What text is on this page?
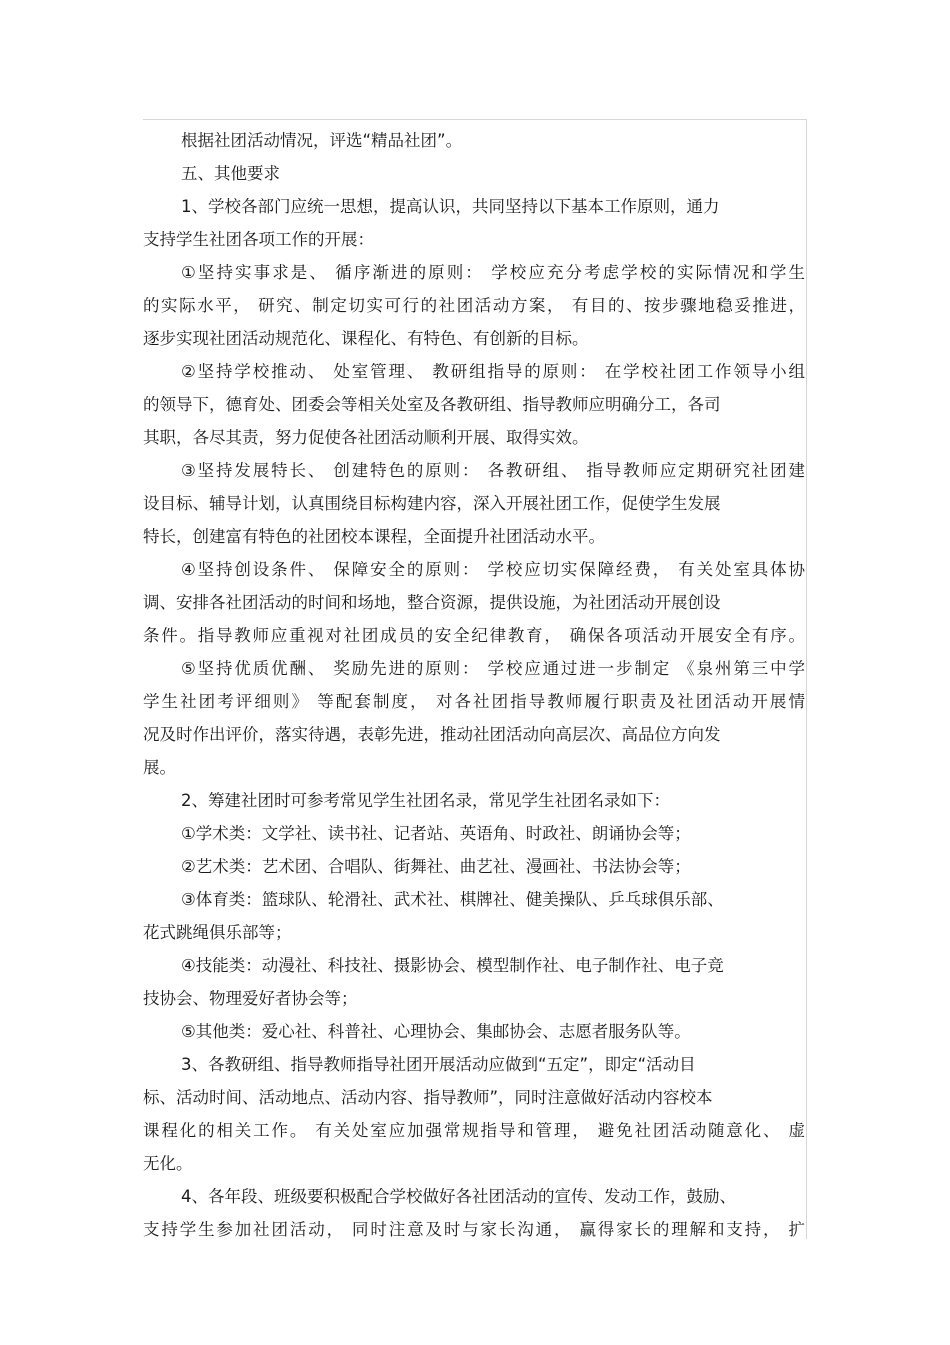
根据社团活动情况，评选“精品社团”。
五、其他要求
1、学校各部门应统一思想，提高认识，共同坚持以下基本工作原则，通力
支持学生社团各项工作的开展：
①坚持实事求是、 循序渐进的原则： 学校应充分考虑学校的实际情况和学生
的实际水平， 研究、制定切实可行的社团活动方案， 有目的、按步骤地稳妥推进，
逐步实现社团活动规范化、课程化、有特色、有创新的目标。
②坚持学校推动、 处室管理、 教研组指导的原则： 在学校社团工作领导小组
的领导下，德育处、团委会等相关处室及各教研组、指导教师应明确分工，各司
其职，各尽其责，努力促使各社团活动顺利开展、取得实效。
③坚持发展特长、 创建特色的原则： 各教研组、 指导教师应定期研究社团建
设目标、辅导计划，认真围绕目标构建内容，深入开展社团工作，促使学生发展
特长，创建富有特色的社团校本课程，全面提升社团活动水平。
④坚持创设条件、 保障安全的原则： 学校应切实保障经费， 有关处室具体协
调、安排各社团活动的时间和场地，整合资源，提供设施，为社团活动开展创设
条件。指导教师应重视对社团成员的安全纪律教育， 确保各项活动开展安全有序。
⑤坚持优质优酬、 奖励先进的原则： 学校应通过进一步制定 《泉州第三中学
学生社团考评细则》 等配套制度， 对各社团指导教师履行职责及社团活动开展情
况及时作出评价，落实待遇，表彰先进，推动社团活动向高层次、高品位方向发
展。
2、筹建社团时可参考常见学生社团名录，常见学生社团名录如下：
①学术类：文学社、读书社、记者站、英语角、时政社、朗诵协会等；
②艺术类：艺术团、合唱队、街舞社、曲艺社、漫画社、书法协会等；
③体育类：篮球队、轮滑社、武术社、棋牌社、健美操队、乒乓球俱乐部、
花式跳绳俱乐部等；
④技能类：动漫社、科技社、摄影协会、模型制作社、电子制作社、电子竞
技协会、物理爱好者协会等；
⑤其他类：爱心社、科普社、心理协会、集邮协会、志愿者服务队等。
3、各教研组、指导教师指导社团开展活动应做到“五定”，即定“活动目
标、活动时间、活动地点、活动内容、指导教师”，同时注意做好活动内容校本
课程化的相关工作。 有关处室应加强常规指导和管理， 避免社团活动随意化、 虚
无化。
4、各年段、班级要积极配合学校做好各社团活动的宣传、发动工作，鼓励、
支持学生参加社团活动， 同时注意及时与家长沟通， 赢得家长的理解和支持， 扩
